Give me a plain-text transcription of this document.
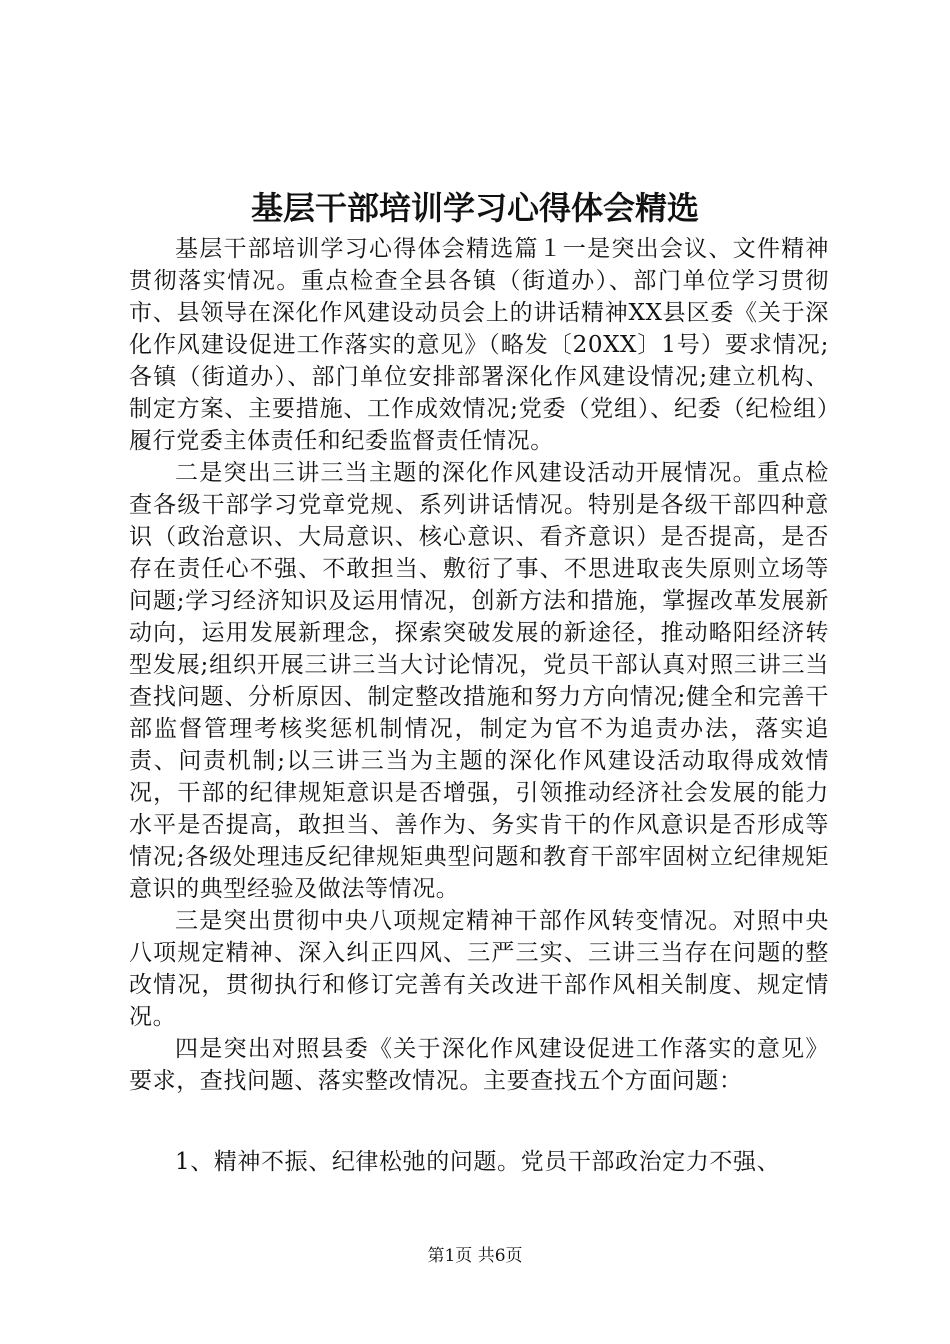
基层干部培训学习心得体会精选

基层干部培训学习心得体会精选篇１一是突出会议、文件精神贯彻落实情况。重点检查全县各镇（街道办）、部门单位学习贯彻市、县领导在深化作风建设动员会上的讲话精神XX县区委《关于深化作风建设促进工作落实的意见》（略发〔20XX〕1号）要求情况;各镇（街道办）、部门单位安排部署深化作风建设情况;建立机构、制定方案、主要措施、工作成效情况;党委（党组）、纪委（纪检组）履行党委主体责任和纪委监督责任情况。

二是突出三讲三当主题的深化作风建设活动开展情况。重点检查各级干部学习党章党规、系列讲话情况。特别是各级干部四种意识（政治意识、大局意识、核心意识、看齐意识）是否提高，是否存在责任心不强、不敢担当、敷衍了事、不思进取丧失原则立场等问题;学习经济知识及运用情况，创新方法和措施，掌握改革发展新动向，运用发展新理念，探索突破发展的新途径，推动略阳经济转型发展;组织开展三讲三当大讨论情况，党员干部认真对照三讲三当查找问题、分析原因、制定整改措施和努力方向情况;健全和完善干部监督管理考核奖惩机制情况，制定为官不为追责办法，落实追责、问责机制;以三讲三当为主题的深化作风建设活动取得成效情况，干部的纪律规矩意识是否增强，引领推动经济社会发展的能力水平是否提高，敢担当、善作为、务实肯干的作风意识是否形成等情况;各级处理违反纪律规矩典型问题和教育干部牢固树立纪律规矩意识的典型经验及做法等情况。

三是突出贯彻中央八项规定精神干部作风转变情况。对照中央八项规定精神、深入纠正四风、三严三实、三讲三当存在问题的整改情况，贯彻执行和修订完善有关改进干部作风相关制度、规定情况。

四是突出对照县委《关于深化作风建设促进工作落实的意见》要求，查找问题、落实整改情况。主要查找五个方面问题：

1、精神不振、纪律松弛的问题。党员干部政治定力不强、

第1页 共6页
